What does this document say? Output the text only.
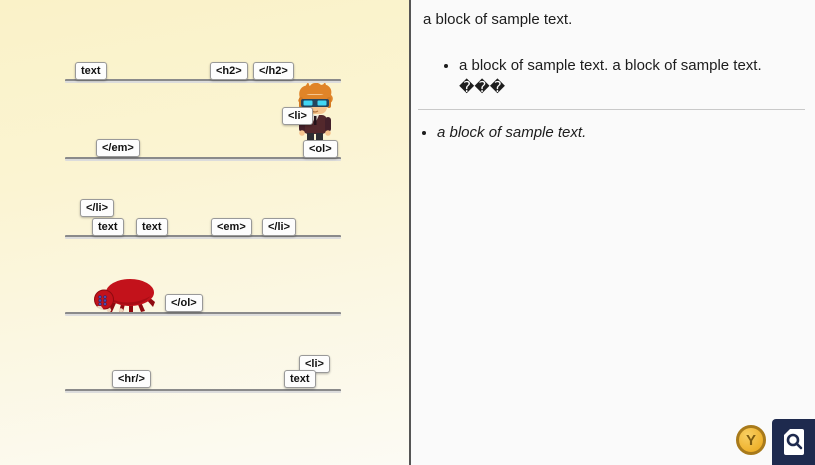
text	<h2>	</h2>
<li>
</em>	<ol>
</li>
text	text	<em>	</li>
</ol>
<li>
<hr/>	text

a block of sample text.

• a block of sample text. a block of sample text.
���
• a block of sample text.
Y
